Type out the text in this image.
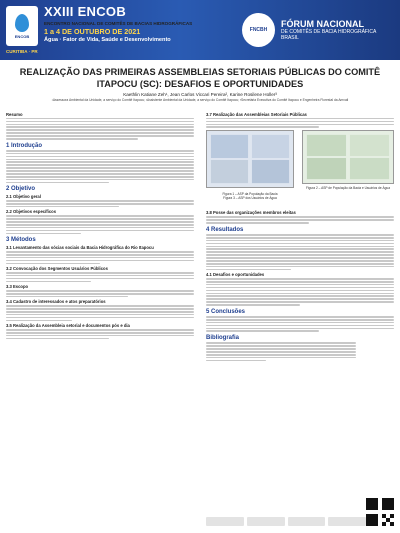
ENCOB
XXIII ENCOB
ENCONTRO NACIONAL DE COMITÊS DE BACIAS HIDROGRÁFICAS
1 a 4 DE OUTUBRO DE 2021
Água · Fator de Vida, Saúde e Desenvolvimento
CURITIBA · PR
FNCBH
FÓRUM NACIONAL
DE COMITÊS DE BACIA HIDROGRÁFICA BRASIL
REALIZAÇÃO DAS PRIMEIRAS ASSEMBLEIAS SETORIAIS PÚBLICAS DO COMITÊ ITAPOCU (SC): DESAFIOS E OPORTUNIDADES
Kaethlin Katiane Zeh¹, Jean Carlos Viccari Pereira², Karine Rosilene Holler³
¹Assessora Ambiental da Unidade, a serviço do Comitê Itapocu; ²Assistente Ambiental da Unidade, a serviço do Comitê Itapocu; ³Secretária Executiva do Comitê Itapocu e Engenheira Florestal da Amvali
Resumo
1 Introdução
2 Objetivo
2.1 Objetivo geral
2.2 Objetivos específicos
3 Métodos
3.1 Levantamento das sócias sociais da Bacia Hidrográfica do Rio Itapocu
3.2 Convocação dos Segmentos Usuários Públicos
3.3 Escopo
3.4 Cadastro de interessados e atos preparatórios
3.5 Realização da Assembleia setorial e documentos pós e dia
3.7 Realização das Assembleias Setoriais Públicas
Figura 1 – ASP da População da Bacia
Figura 3 – ASP dos Usuários de Água
Figura 2 – ASP de População da Bacia e Usuários de Água
3.8 Posse das organizações membros eleitas
4 Resultados
4.1 Desafios e oportunidades
5 Conclusões
Bibliografia
